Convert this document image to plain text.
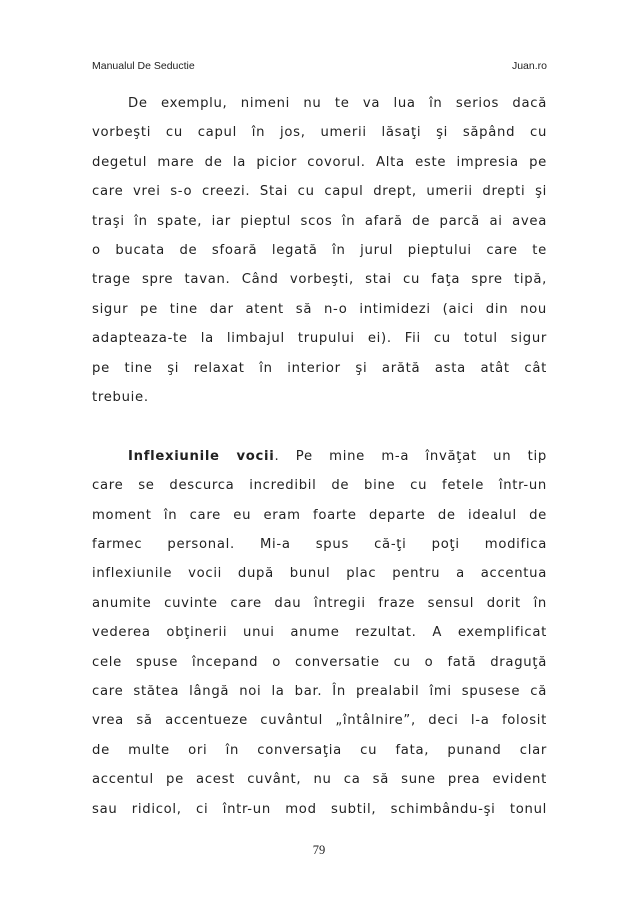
Manualul De Seductie	Juan.ro
De exemplu, nimeni nu te va lua în serios dacă
vorbeşti cu capul în jos, umerii lăsaţi şi săpând cu
degetul mare de la picior covorul. Alta este impresia pe
care vrei s-o creezi. Stai cu capul drept, umerii drepti şi
traşi în spate, iar pieptul scos în afară de parcă ai avea
o bucata de sfoară legată în jurul pieptului care te
trage spre tavan. Când vorbeşti, stai cu faţa spre tipă,
sigur pe tine dar atent să n-o intimidezi (aici din nou
adapteaza-te la limbajul trupului ei). Fii cu totul sigur
pe tine şi relaxat în interior şi arătă asta atât cât
trebuie.
Inflexiunile vocii. Pe mine m-a învăţat un tip
care se descurca incredibil de bine cu fetele într-un
moment în care eu eram foarte departe de idealul de
farmec personal. Mi-a spus că-ţi poţi modifica
inflexiunile vocii după bunul plac pentru a accentua
anumite cuvinte care dau întregii fraze sensul dorit în
vederea obţinerii unui anume rezultat. A exemplificat
cele spuse începand o conversatie cu o fată draguţă
care stătea lângă noi la bar. În prealabil îmi spusese că
vrea să accentueze cuvântul „întâlnire”, deci l-a folosit
de multe ori în conversaţia cu fata, punand clar
accentul pe acest cuvânt, nu ca să sune prea evident
sau ridicol, ci într-un mod subtil, schimbându-şi tonul
79
